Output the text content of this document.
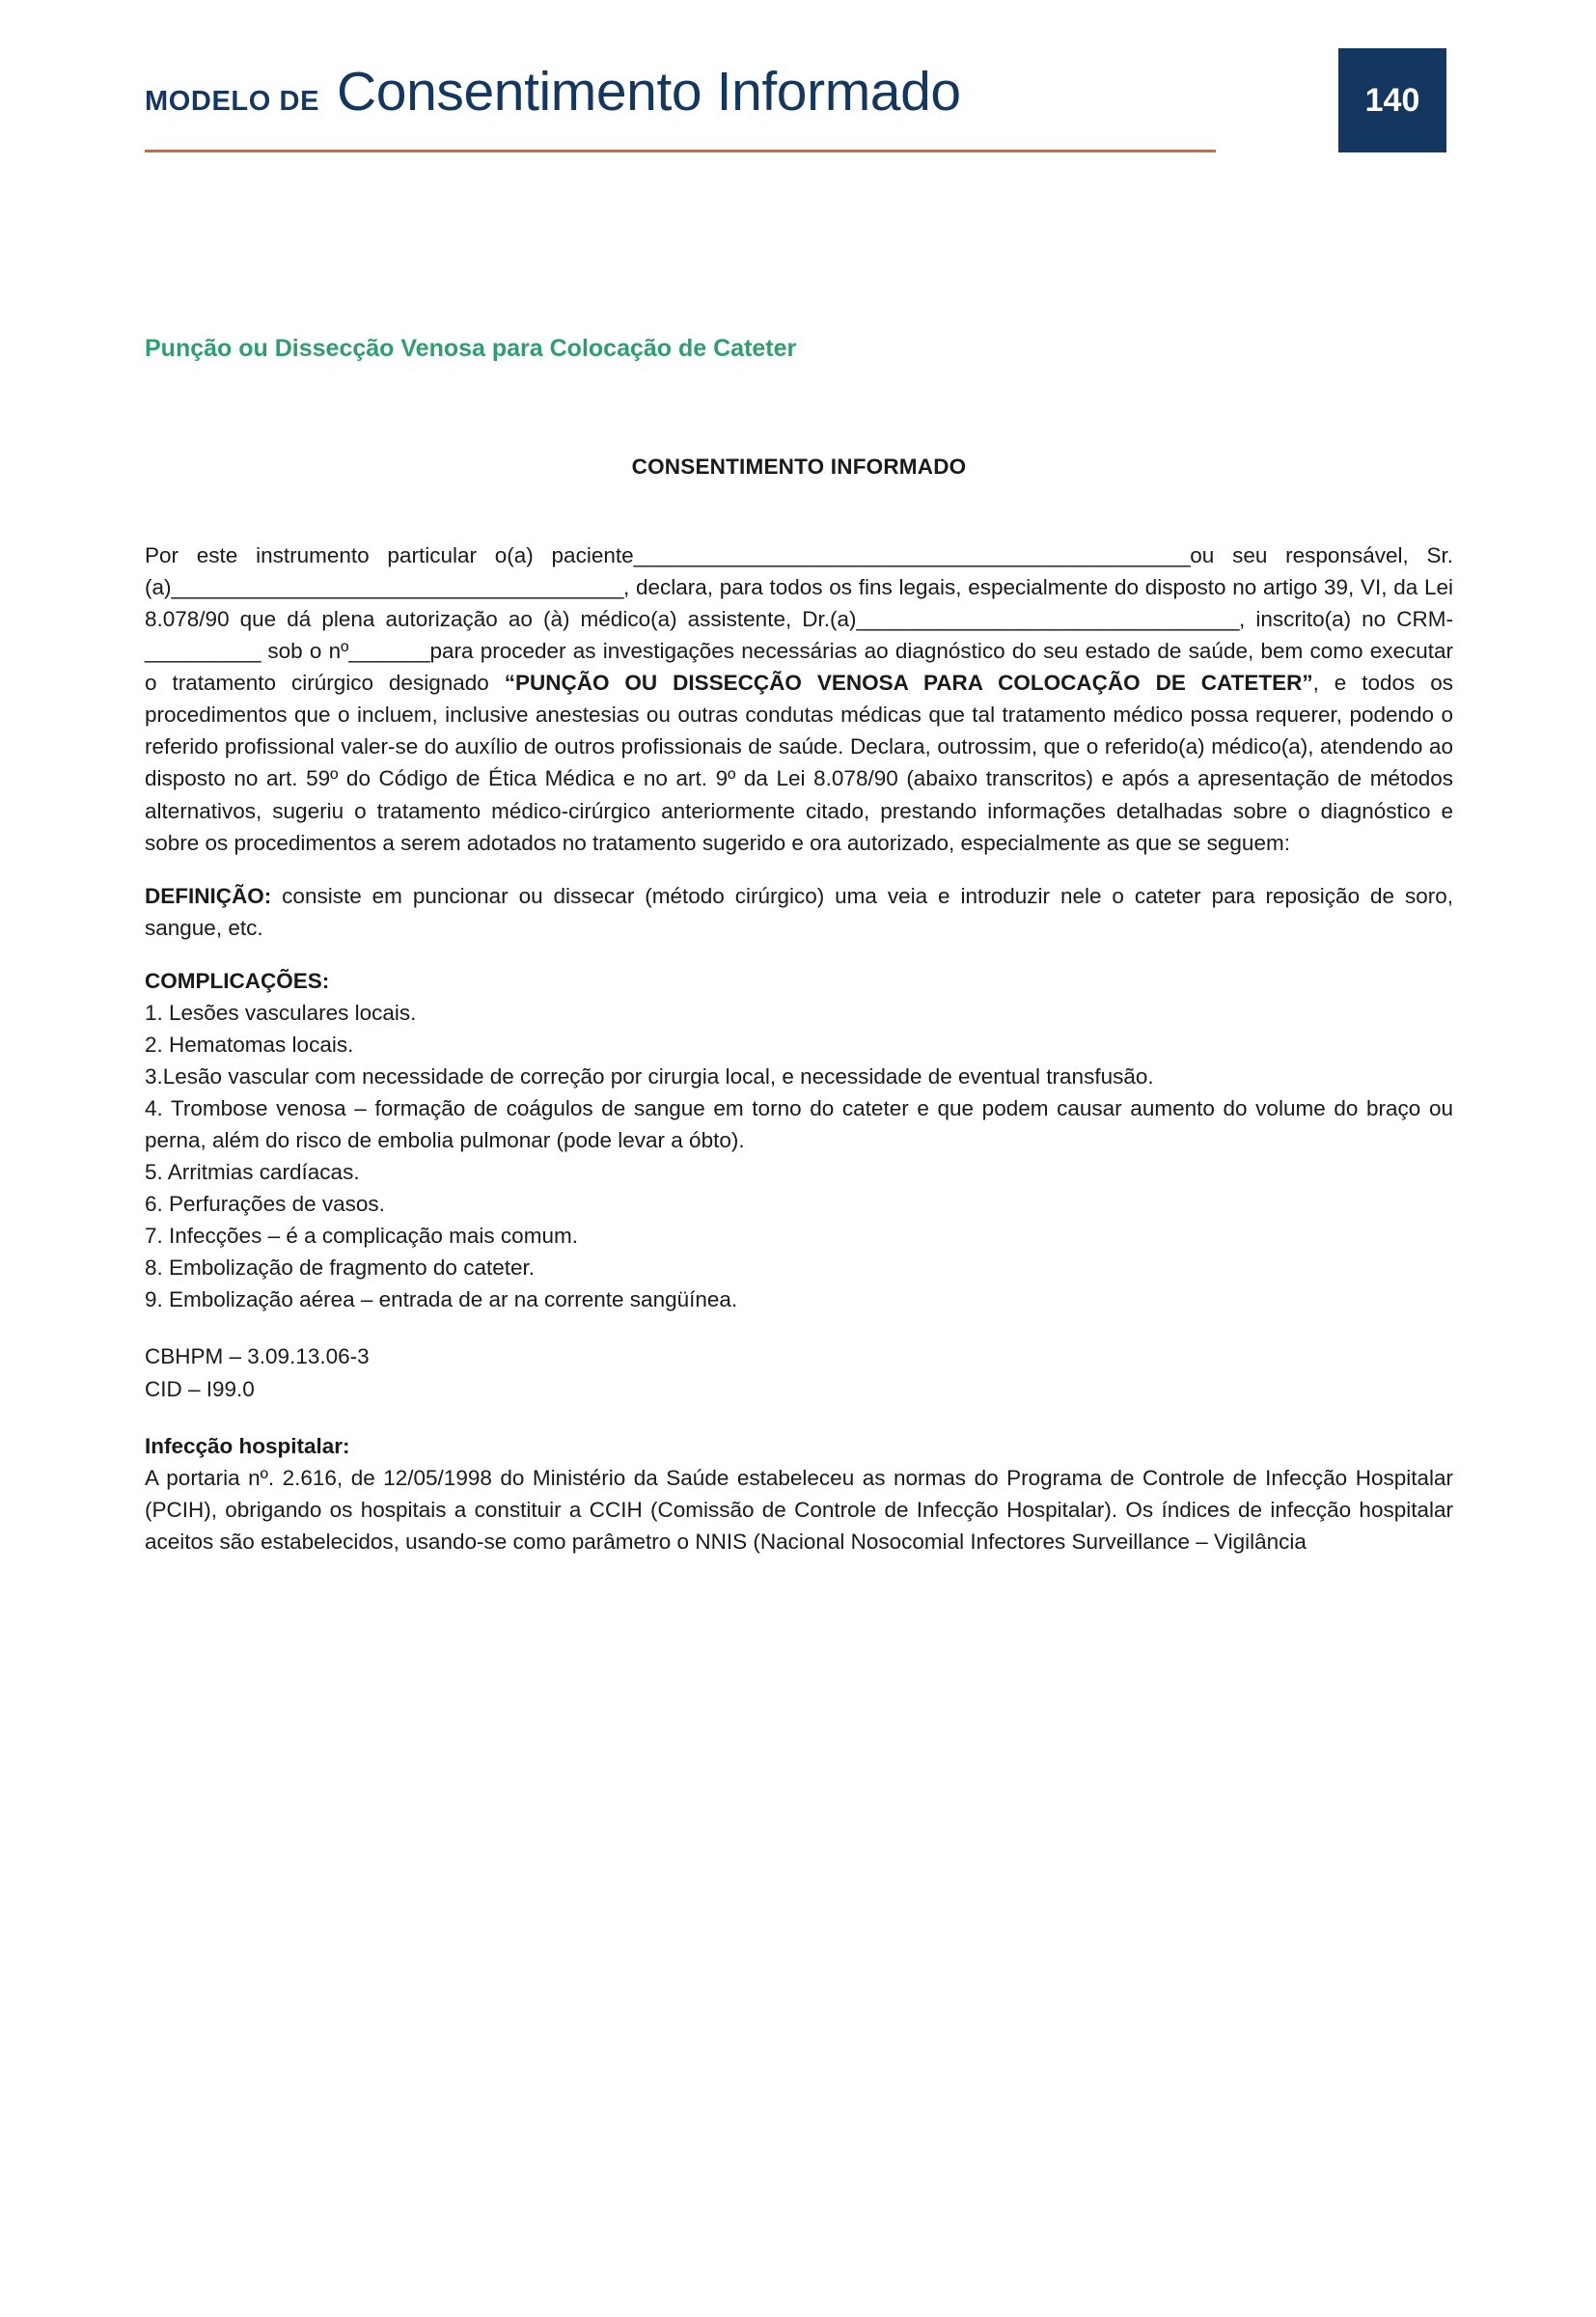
MODELO DE Consentimento Informado	140
Punção ou Dissecção Venosa para Colocação de Cateter
CONSENTIMENTO INFORMADO

Por este instrumento particular o(a) paciente________________________________________________ou seu responsável, Sr.(a)_______________________________________, declara, para todos os fins legais, especialmente do disposto no artigo 39, VI, da Lei 8.078/90 que dá plena autorização ao (à) médico(a) assistente, Dr.(a)_________________________________, inscrito(a) no CRM-__________ sob o nº_______para proceder as investigações necessárias ao diagnóstico do seu estado de saúde, bem como executar o tratamento cirúrgico designado “PUNÇÃO OU DISSECÇÃO VENOSA PARA COLOCAÇÃO DE CATETER”, e todos os procedimentos que o incluem, inclusive anestesias ou outras condutas médicas que tal tratamento médico possa requerer, podendo o referido profissional valer-se do auxílio de outros profissionais de saúde. Declara, outrossim, que o referido(a) médico(a), atendendo ao disposto no art. 59º do Código de Ética Médica e no art. 9º da Lei 8.078/90 (abaixo transcritos) e após a apresentação de métodos alternativos, sugeriu o tratamento médico-cirúrgico anteriormente citado, prestando informações detalhadas sobre o diagnóstico e sobre os procedimentos a serem adotados no tratamento sugerido e ora autorizado, especialmente as que se seguem:

DEFINIÇÃO: consiste em puncionar ou dissecar (método cirúrgico) uma veia e introduzir nele o cateter para reposição de soro, sangue, etc.

COMPLICAÇÕES:

1. Lesões vasculares locais.

2. Hematomas locais.

3.Lesão vascular com necessidade de correção por cirurgia local, e necessidade de eventual transfusão.

4. Trombose venosa – formação de coágulos de sangue em torno do cateter e que podem causar aumento do volume do braço ou perna, além do risco de embolia pulmonar (pode levar a óbto).

5. Arritmias cardíacas.

6. Perfurações de vasos.

7. Infecções – é a complicação mais comum.

8. Embolização de fragmento do cateter.

9. Embolização aérea – entrada de ar na corrente sangüínea.

CBHPM – 3.09.13.06-3

CID – I99.0

Infecção hospitalar:

A portaria nº. 2.616, de 12/05/1998 do Ministério da Saúde estabeleceu as normas do Programa de Controle de Infecção Hospitalar (PCIH), obrigando os hospitais a constituir a CCIH (Comissão de Controle de Infecção Hospitalar). Os índices de infecção hospitalar aceitos são estabelecidos, usando-se como parâmetro o NNIS (Nacional Nosocomial Infectores Surveillance – Vigilância
